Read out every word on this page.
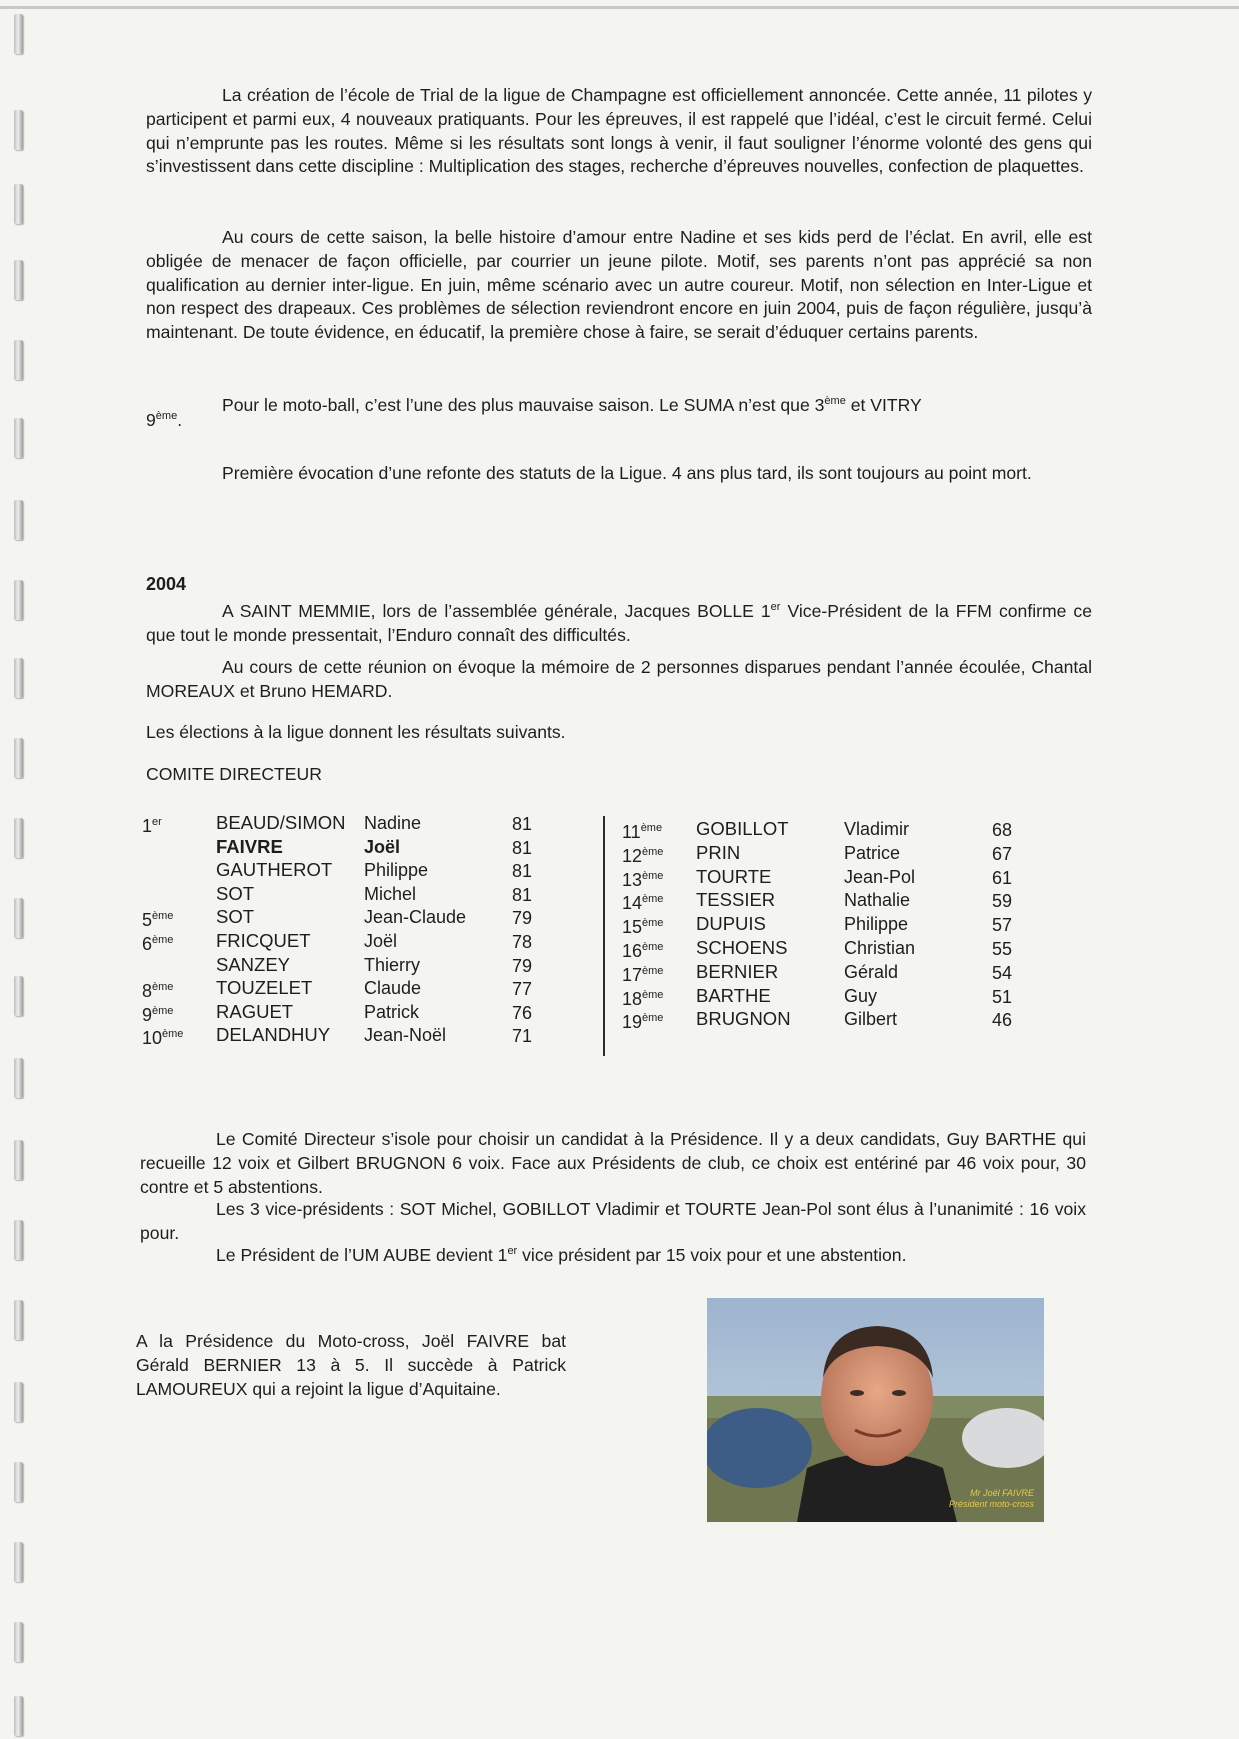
La création de l’école de Trial de la ligue de Champagne est officiellement annoncée. Cette année, 11 pilotes y participent et parmi eux, 4 nouveaux pratiquants. Pour les épreuves, il est rappelé que l’idéal, c’est le circuit fermé. Celui qui n’emprunte pas les routes. Même si les résultats sont longs à venir, il faut souligner l’énorme volonté des gens qui s’investissent dans cette discipline : Multiplication des stages, recherche d’épreuves nouvelles, confection de plaquettes.

Au cours de cette saison, la belle histoire d’amour entre Nadine et ses kids perd de l’éclat. En avril, elle est obligée de menacer de façon officielle, par courrier un jeune pilote. Motif, ses parents n’ont pas apprécié sa non qualification au dernier inter-ligue. En juin, même scénario avec un autre coureur. Motif, non sélection en Inter-Ligue et non respect des drapeaux. Ces problèmes de sélection reviendront encore en juin 2004, puis de façon régulière, jusqu’à maintenant. De toute évidence, en éducatif, la première chose à faire, se serait d’éduquer certains parents.

Pour le moto-ball, c’est l’une des plus mauvaise saison. Le SUMA n’est que 3ème et VITRY
9ème.

Première évocation d’une refonte des statuts de la Ligue. 4 ans plus tard, ils sont toujours au point mort.

2004
A SAINT MEMMIE, lors de l’assemblée générale, Jacques BOLLE 1er Vice-Président de la FFM confirme ce que tout le monde pressentait, l’Enduro connaît des difficultés.

Au cours de cette réunion on évoque la mémoire de 2 personnes disparues pendant l’année écoulée, Chantal MOREAUX et Bruno HEMARD.

Les élections à la ligue donnent les résultats suivants.
COMITE DIRECTEUR
1er	BEAUD/SIMON Nadine	81
FAIVRE	Joël	81
GAUTHEROT Philippe	81
SOT	Michel	81
5ème SOT	Jean-Claude	79
6ème FRICQUET	Joël	78
SANZEY	Thierry	79
8ème TOUZELET	Claude	77
9ème RAGUET	Patrick	76
10ème DELANDHUY Jean-Noël	71
11ème GOBILLOT	Vladimir	68
12ème PRIN	Patrice	67
13ème TOURTE	Jean-Pol	61
14ème TESSIER	Nathalie	59
15ème DUPUIS	Philippe	57
16ème SCHOENS	Christian	55
17ème BERNIER	Gérald	54
18ème BARTHE	Guy	51
19ème BRUGNON	Gilbert	46

Le Comité Directeur s’isole pour choisir un candidat à la Présidence. Il y a deux candidats, Guy BARTHE qui recueille 12 voix et Gilbert BRUGNON 6 voix. Face aux Présidents de club, ce choix est entériné par 46 voix pour, 30 contre et 5 abstentions.

Les 3 vice-présidents : SOT Michel, GOBILLOT Vladimir et TOURTE Jean-Pol sont élus à l’unanimité : 16 voix pour.

Le Président de l’UM AUBE devient 1er vice président par 15 voix pour et une abstention.

A la Présidence du Moto-cross, Joël FAIVRE bat Gérald BERNIER 13 à 5. Il succède à Patrick LAMOUREUX qui a rejoint la ligue d’Aquitaine.

Mr Joël FAIVRE
Président moto-cross
